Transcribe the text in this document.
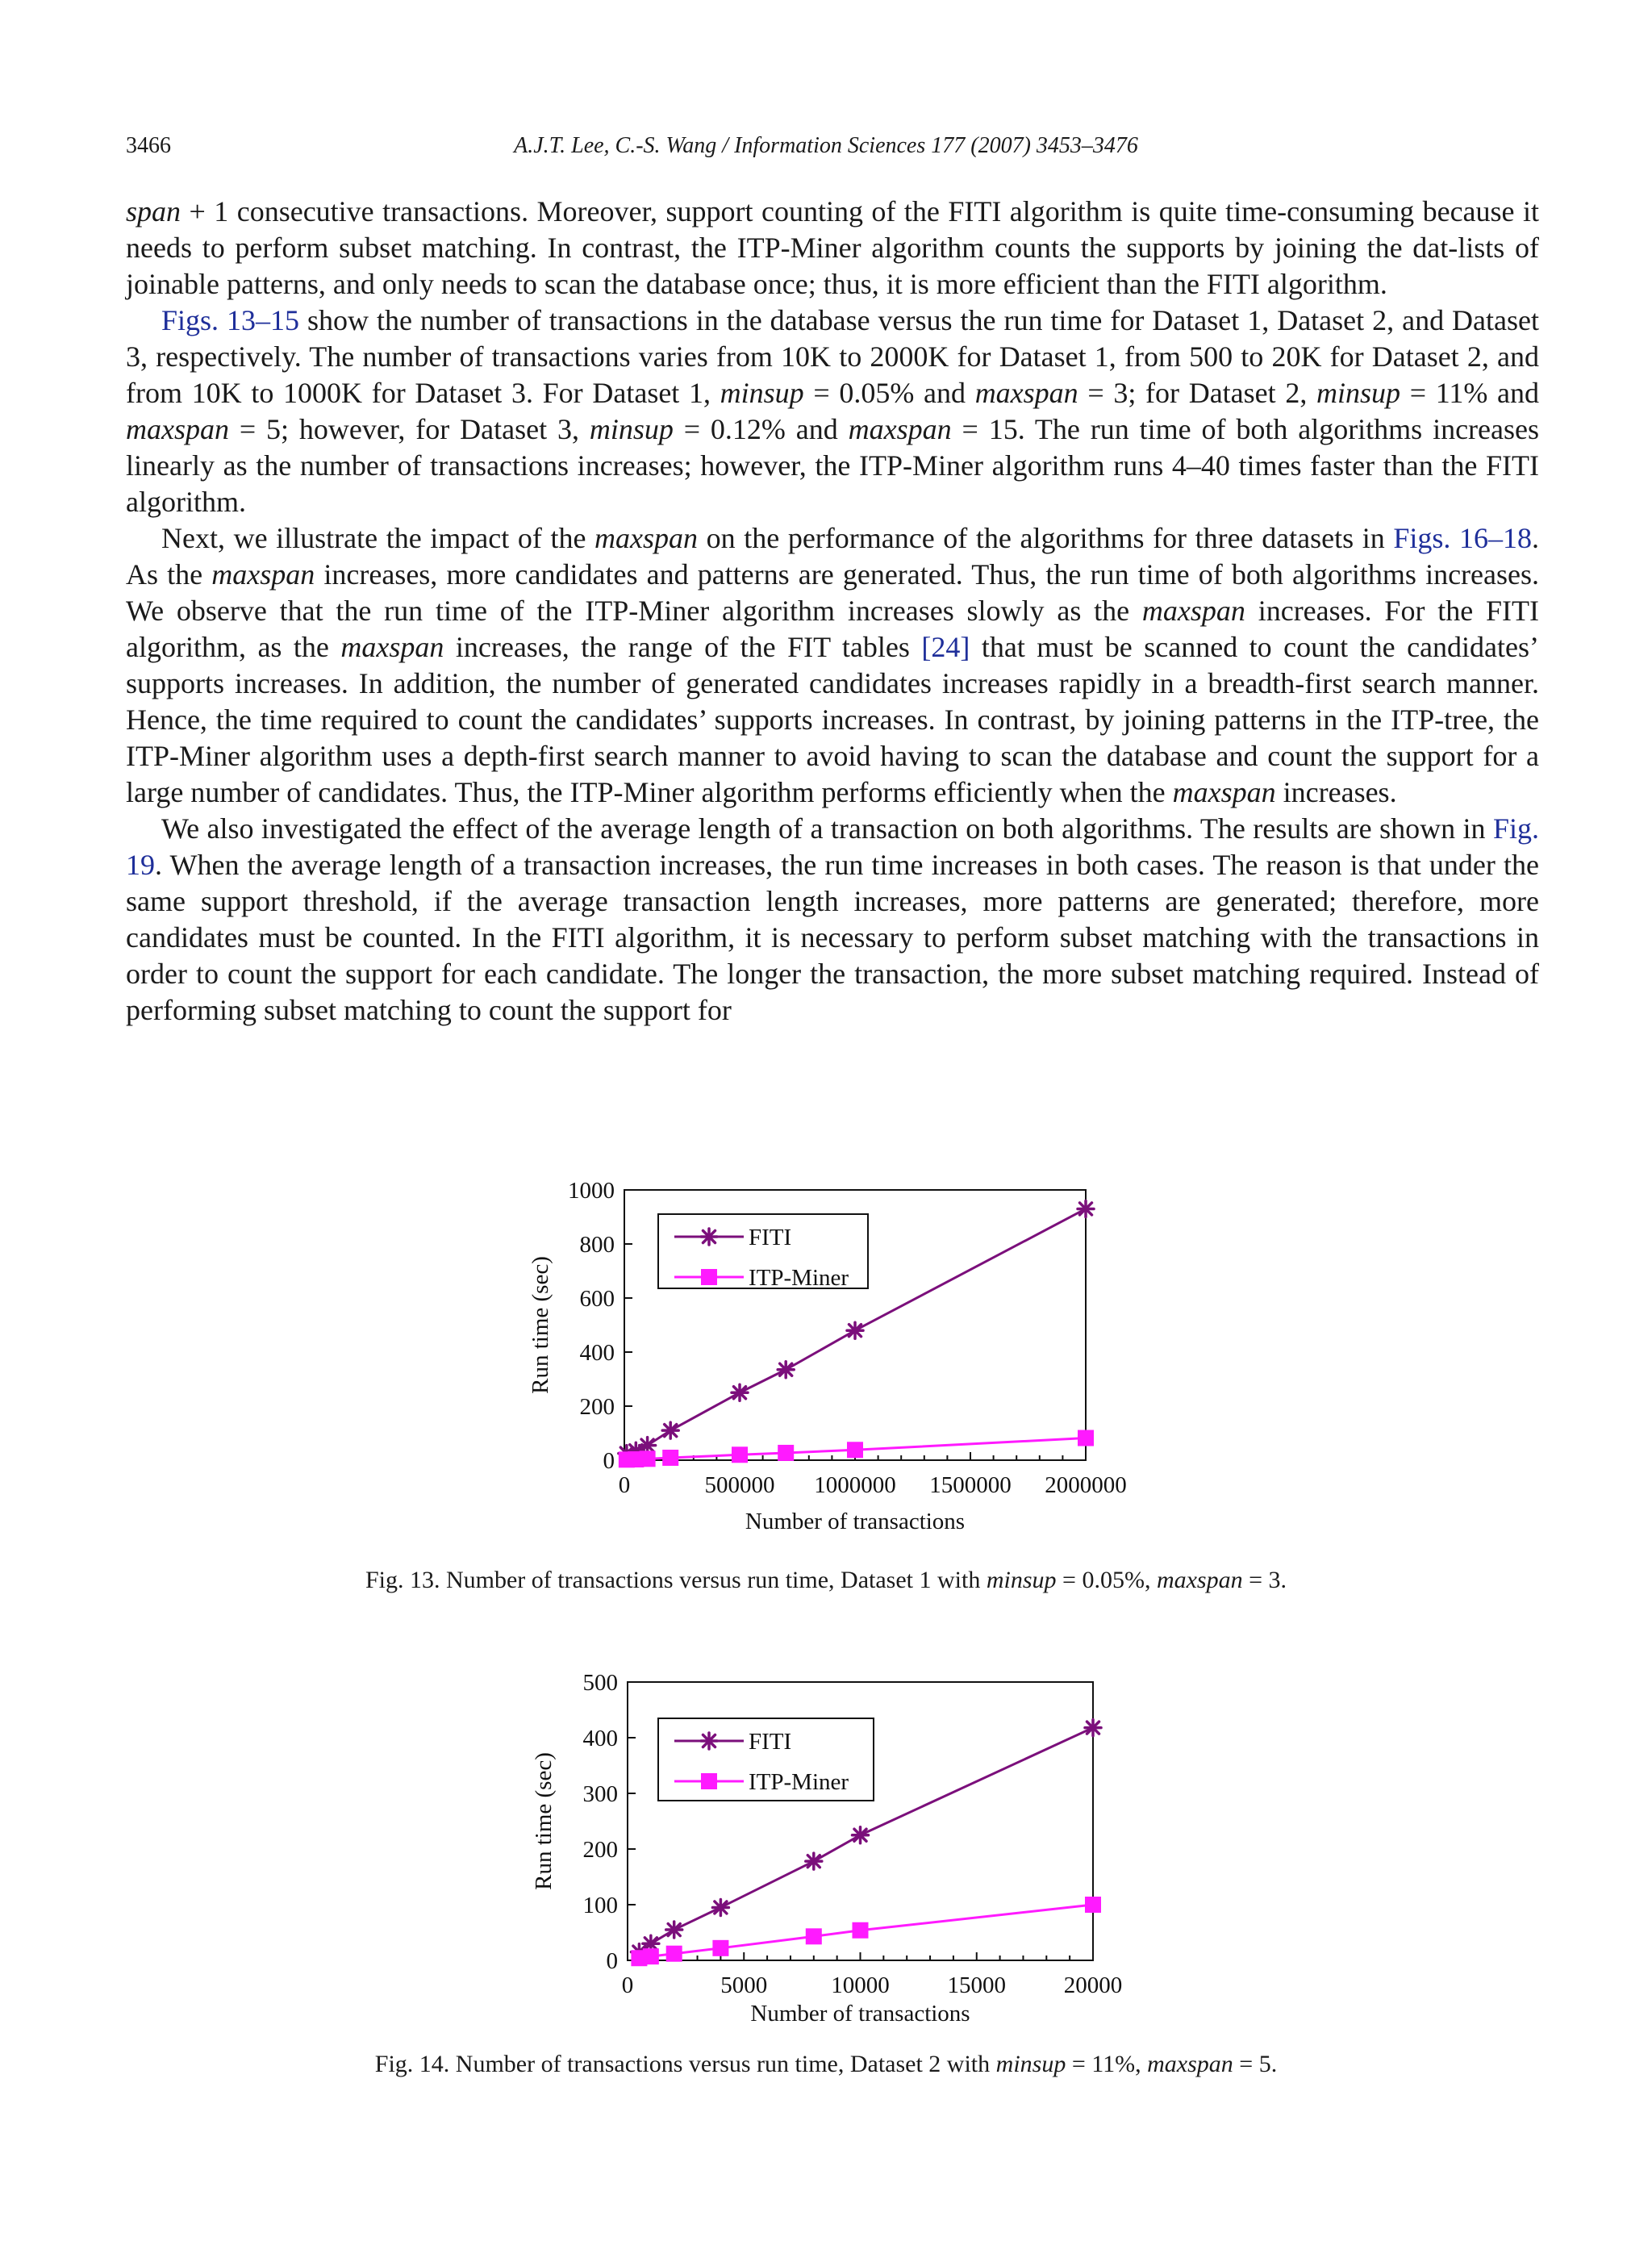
3466	A.J.T. Lee, C.-S. Wang / Information Sciences 177 (2007) 3453–3476

span + 1 consecutive transactions. Moreover, support counting of the FITI algorithm is quite time-consuming because it needs to perform subset matching. In contrast, the ITP-Miner algorithm counts the supports by joining the dat-lists of joinable patterns, and only needs to scan the database once; thus, it is more efficient than the FITI algorithm.

Figs. 13–15 show the number of transactions in the database versus the run time for Dataset 1, Dataset 2, and Dataset 3, respectively. The number of transactions varies from 10K to 2000K for Dataset 1, from 500 to 20K for Dataset 2, and from 10K to 1000K for Dataset 3. For Dataset 1, minsup = 0.05% and maxspan = 3; for Dataset 2, minsup = 11% and maxspan = 5; however, for Dataset 3, minsup = 0.12% and maxspan = 15. The run time of both algorithms increases linearly as the number of transactions increases; however, the ITP-Miner algorithm runs 4–40 times faster than the FITI algorithm.

Next, we illustrate the impact of the maxspan on the performance of the algorithms for three datasets in Figs. 16–18. As the maxspan increases, more candidates and patterns are generated. Thus, the run time of both algorithms increases. We observe that the run time of the ITP-Miner algorithm increases slowly as the maxspan increases. For the FITI algorithm, as the maxspan increases, the range of the FIT tables [24] that must be scanned to count the candidates’ supports increases. In addition, the number of generated candidates increases rapidly in a breadth-first search manner. Hence, the time required to count the candidates’ supports increases. In contrast, by joining patterns in the ITP-tree, the ITP-Miner algorithm uses a depth-first search manner to avoid having to scan the database and count the support for a large number of candidates. Thus, the ITP-Miner algorithm performs efficiently when the maxspan increases.

We also investigated the effect of the average length of a transaction on both algorithms. The results are shown in Fig. 19. When the average length of a transaction increases, the run time increases in both cases. The reason is that under the same support threshold, if the average transaction length increases, more patterns are generated; therefore, more candidates must be counted. In the FITI algorithm, it is necessary to perform subset matching with the transactions in order to count the support for each candidate. The longer the transaction, the more subset matching required. Instead of performing subset matching to count the support for

0
200
400
600
800
1000
0	500000 1000000 1500000 2000000
Number of transactions
Run time (sec)
FITI
ITP-Miner
Fig. 13. Number of transactions versus run time, Dataset 1 with minsup = 0.05%, maxspan = 3.
0
100
200
300
400
500
0	5000	10000 15000 20000
Number of transactions
Run time (sec)
FITI
ITP-Miner
Fig. 14. Number of transactions versus run time, Dataset 2 with minsup = 11%, maxspan = 5.
